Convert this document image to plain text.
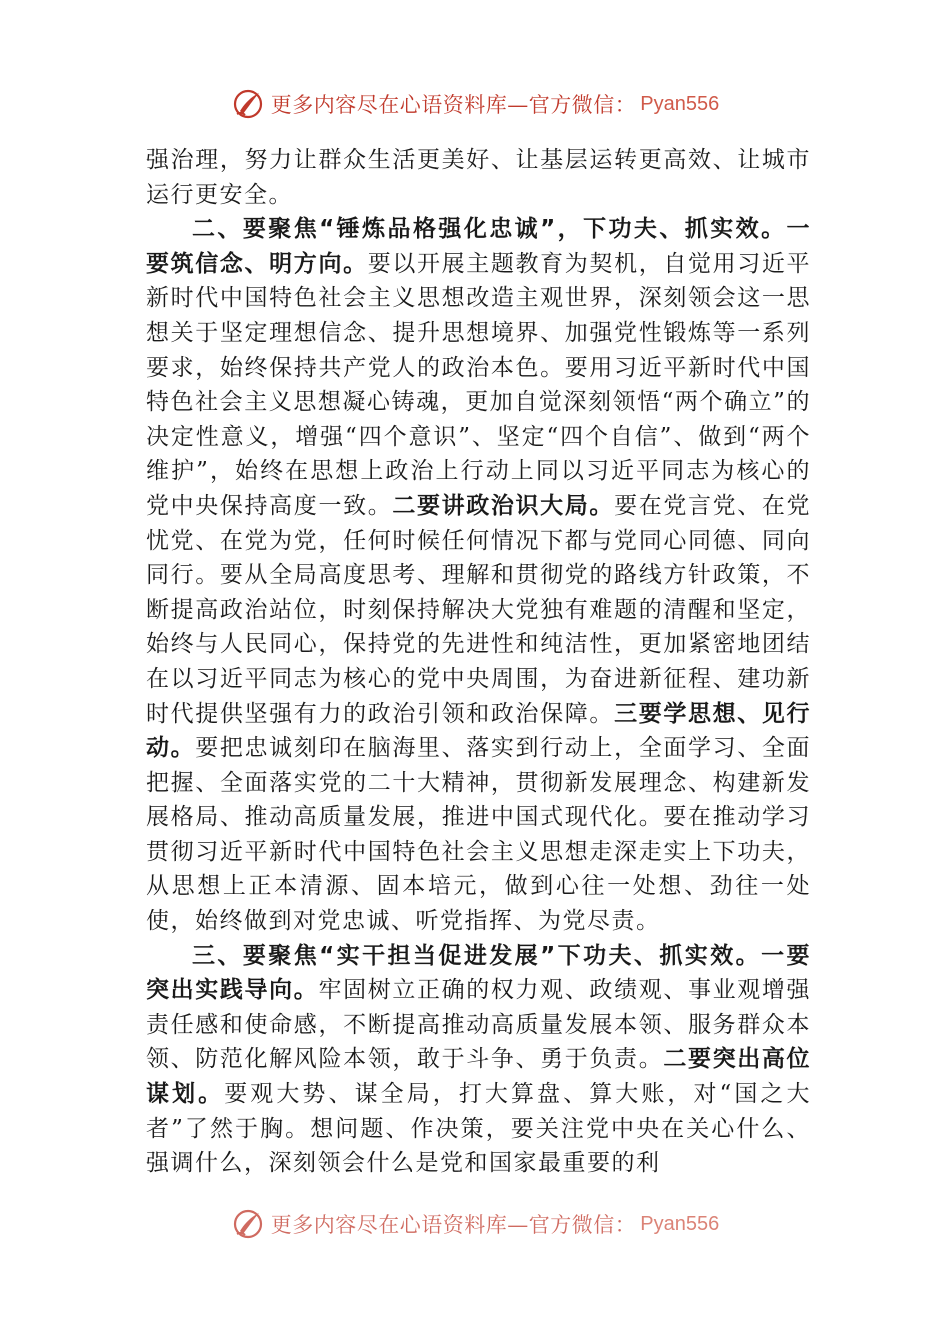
更多内容尽在心语资料库—官方微信： Pyan556

强治理，努力让群众生活更美好、让基层运转更高效、让城市运行更安全。

二、要聚焦“锤炼品格强化忠诚”，下功夫、抓实效。一要筑信念、明方向。要以开展主题教育为契机，自觉用习近平新时代中国特色社会主义思想改造主观世界，深刻领会这一思想关于坚定理想信念、提升思想境界、加强党性锻炼等一系列要求，始终保持共产党人的政治本色。要用习近平新时代中国特色社会主义思想凝心铸魂，更加自觉深刻领悟“两个确立”的决定性意义，增强“四个意识”、坚定“四个自信”、做到“两个维护”，始终在思想上政治上行动上同以习近平同志为核心的党中央保持高度一致。二要讲政治识大局。要在党言党、在党忧党、在党为党，任何时候任何情况下都与党同心同德、同向同行。要从全局高度思考、理解和贯彻党的路线方针政策，不断提高政治站位，时刻保持解决大党独有难题的清醒和坚定，始终与人民同心，保持党的先进性和纯洁性，更加紧密地团结在以习近平同志为核心的党中央周围，为奋进新征程、建功新时代提供坚强有力的政治引领和政治保障。三要学思想、见行动。要把忠诚刻印在脑海里、落实到行动上，全面学习、全面把握、全面落实党的二十大精神，贯彻新发展理念、构建新发展格局、推动高质量发展，推进中国式现代化。要在推动学习贯彻习近平新时代中国特色社会主义思想走深走实上下功夫，从思想上正本清源、固本培元，做到心往一处想、劲往一处使，始终做到对党忠诚、听党指挥、为党尽责。

三、要聚焦“实干担当促进发展”下功夫、抓实效。一要突出实践导向。牢固树立正确的权力观、政绩观、事业观增强责任感和使命感，不断提高推动高质量发展本领、服务群众本领、防范化解风险本领，敢于斗争、勇于负责。二要突出高位谋划。要观大势、谋全局，打大算盘、算大账，对“国之大者”了然于胸。想问题、作决策，要关注党中央在关心什么、强调什么，深刻领会什么是党和国家最重要的利

更多内容尽在心语资料库—官方微信： Pyan556
